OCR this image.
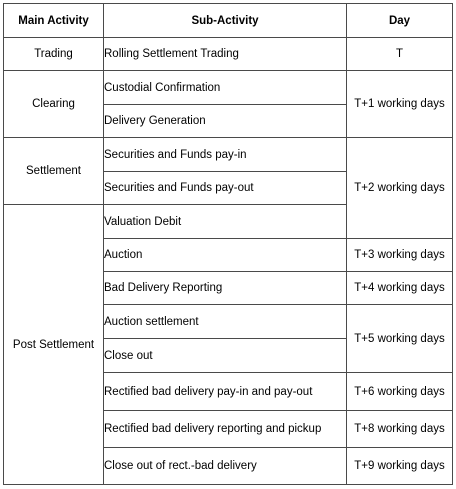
Main Activity	Sub-Activity	Day
Trading	Rolling Settlement Trading	T
Clearing	Custodial Confirmation	T+1 working days
	Delivery Generation	
Settlement	Securities and Funds pay-in	T+2 working days
	Securities and Funds pay-out	
Post Settlement	Valuation Debit	
	Auction	T+3 working days
	Bad Delivery Reporting	T+4 working days
	Auction settlement	T+5 working days
	Close out	
	Rectified bad delivery pay-in and pay-out	T+6 working days
	Rectified bad delivery reporting and pickup	T+8 working days
	Close out of rect.-bad delivery	T+9 working days
